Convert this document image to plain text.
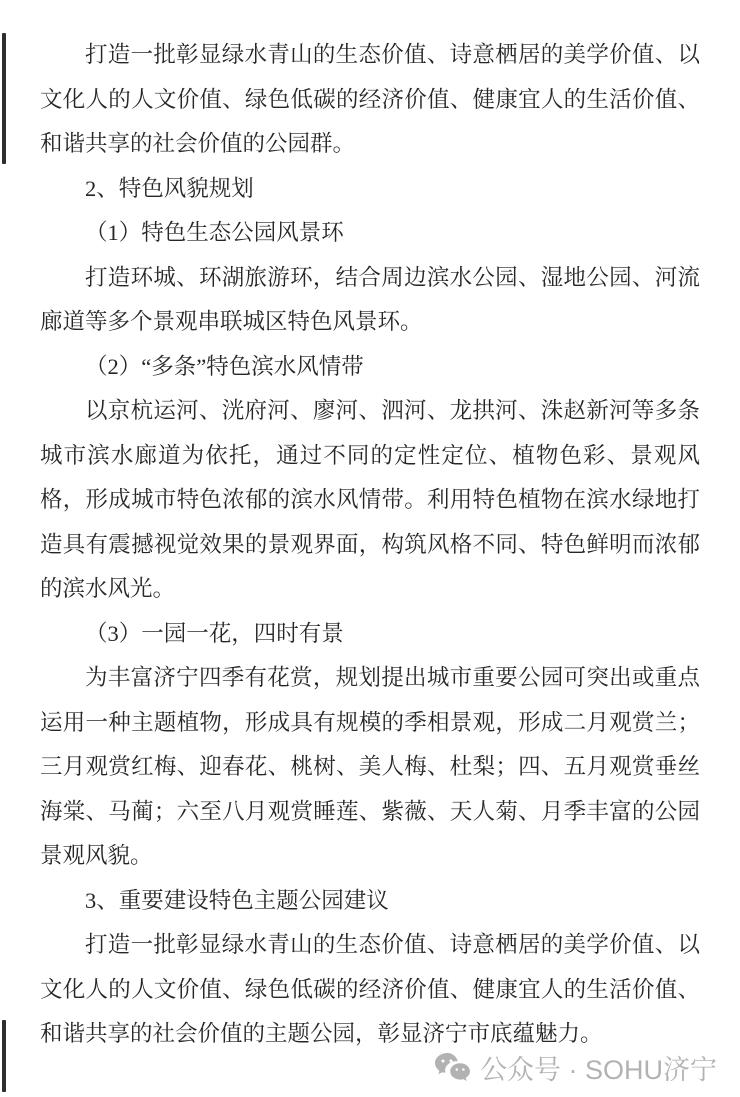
打造一批彰显绿水青山的生态价值、诗意栖居的美学价值、以
文化人的人文价值、绿色低碳的经济价值、健康宜人的生活价值、
和谐共享的社会价值的公园群。
2、特色风貌规划
（1）特色生态公园风景环
打造环城、环湖旅游环，结合周边滨水公园、湿地公园、河流
廊道等多个景观串联城区特色风景环。
（2）“多条”特色滨水风情带
以京杭运河、洸府河、廖河、泗河、龙拱河、洙赵新河等多条
城市滨水廊道为依托，通过不同的定性定位、植物色彩、景观风
格，形成城市特色浓郁的滨水风情带。利用特色植物在滨水绿地打
造具有震撼视觉效果的景观界面，构筑风格不同、特色鲜明而浓郁
的滨水风光。
（3）一园一花，四时有景
为丰富济宁四季有花赏，规划提出城市重要公园可突出或重点
运用一种主题植物，形成具有规模的季相景观，形成二月观赏兰；
三月观赏红梅、迎春花、桃树、美人梅、杜梨；四、五月观赏垂丝
海棠、马蔺；六至八月观赏睡莲、紫薇、天人菊、月季丰富的公园
景观风貌。
3、重要建设特色主题公园建议
打造一批彰显绿水青山的生态价值、诗意栖居的美学价值、以
文化人的人文价值、绿色低碳的经济价值、健康宜人的生活价值、
和谐共享的社会价值的主题公园，彰显济宁市底蕴魅力。
公众号 · SOHU济宁
